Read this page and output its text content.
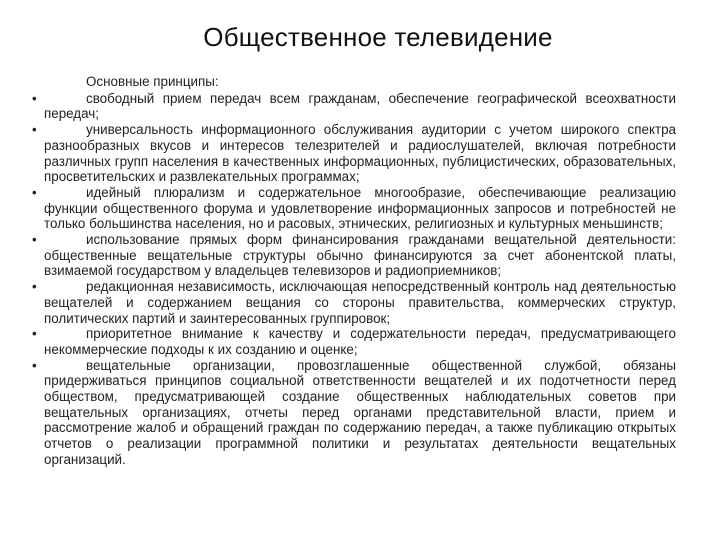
Общественное телевидение

Основные принципы:

•	свободный прием передач всем гражданам, обеспечение географической всеохватности передач;

•	универсальность информационного обслуживания аудитории с учетом широкого спектра разнообразных вкусов и интересов телезрителей и радиослушателей, включая потребности различных групп населения в качественных информационных, публицистических, образовательных, просветительских и развлекательных программах;

•	идейный плюрализм и содержательное многообразие, обеспечивающие реализацию функции общественного форума и удовлетворение информационных запросов и потребностей не только большинства населения, но и расовых, этнических, религиозных и культурных меньшинств;

•	использование прямых форм финансирования гражданами вещательной деятельности: общественные вещательные структуры обычно финансируются за счет абонентской платы, взимаемой государством у владельцев телевизоров и радиоприемников;

•	редакционная независимость, исключающая непосредственный контроль над деятельностью вещателей и содержанием вещания со стороны правительства, коммерческих структур, политических партий и заинтересованных группировок;

•	приоритетное внимание к качеству и содержательности передач, предусматривающего некоммерческие подходы к их созданию и оценке;

•	вещательные организации, провозглашенные общественной службой, обязаны придерживаться принципов социальной ответственности вещателей и их подотчетности перед обществом, предусматривающей создание общественных наблюдательных советов при вещательных организациях, отчеты перед органами представительной власти, прием и рассмотрение жалоб и обращений граждан по содержанию передач, а также публикацию открытых отчетов о реализации программной политики и результатах деятельности вещательных организаций.
